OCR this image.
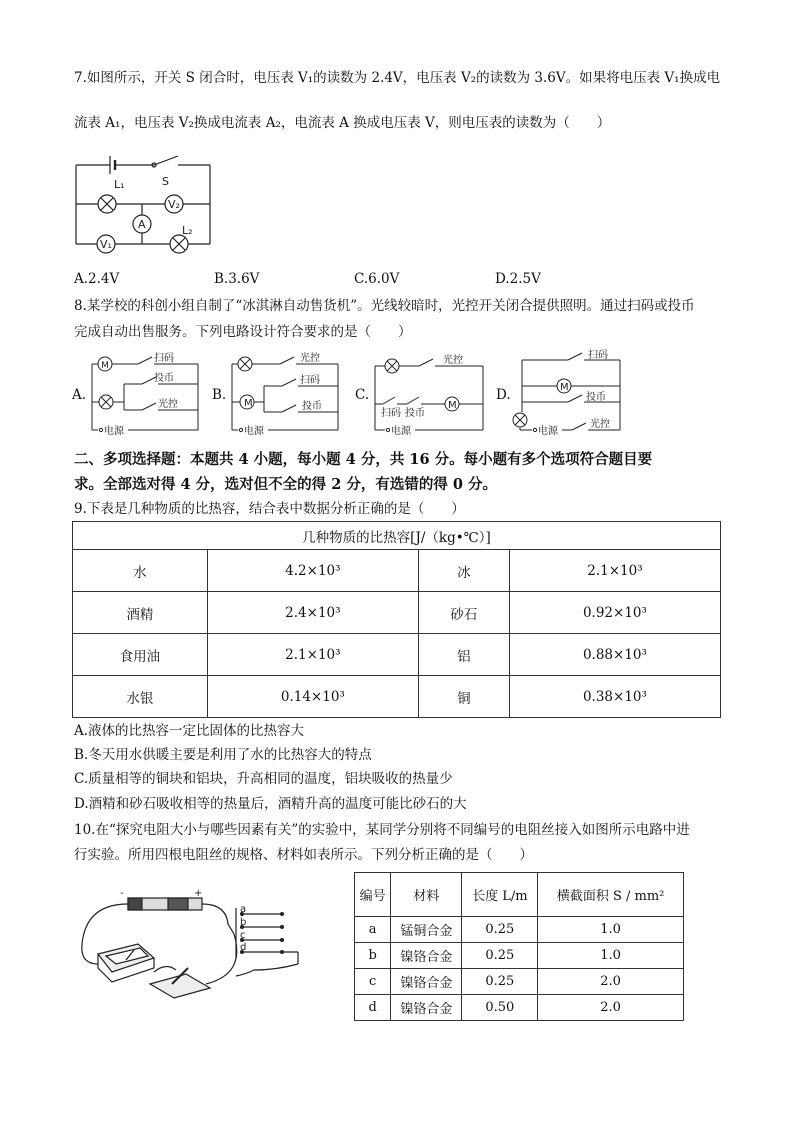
7.如图所示，开关 S 闭合时，电压表 V₁的读数为 2.4V，电压表 V₂的读数为 3.6V。如果将电压表 V₁换成电
流表 A₁，电压表 V₂换成电流表 A₂，电流表 A 换成电压表 V，则电压表的读数为（　　）
L₁	S
V₂
A
V₁
L₂
A.2.4V	B.3.6V	C.6.0V	D.2.5V
8.某学校的科创小组自制了“冰淇淋自动售货机”。光线较暗时，光控开关闭合提供照明。通过扫码或投币
完成自动出售服务。下列电路设计符合要求的是（　　）
A.
M
扫码
投币
光控
电源
B.
M
光控
扫码
投币
电源
C.
光控
扫码 投币
M
电源
D.
扫码
M
投币
电源
光控
二、多项选择题：本题共 4 小题，每小题 4 分，共 16 分。每小题有多个选项符合题目要
求。全部选对得 4 分，选对但不全的得 2 分，有选错的得 0 分。
9.下表是几种物质的比热容，结合表中数据分析正确的是（　　）
几种物质的比热容[J/（kg•℃）]			
水	4.2×10³	冰	2.1×10³
酒精	2.4×10³	砂石	0.92×10³
食用油	2.1×10³	铝	0.88×10³
水银	0.14×10³	铜	0.38×10³
A.液体的比热容一定比固体的比热容大
B.冬天用水供暖主要是利用了水的比热容大的特点
C.质量相等的铜块和铝块，升高相同的温度，铝块吸收的热量少
D.酒精和砂石吸收相等的热量后，酒精升高的温度可能比砂石的大
10.在“探究电阻大小与哪些因素有关”的实验中，某同学分别将不同编号的电阻丝接入如图所示电路中进
行实验。所用四根电阻丝的规格、材料如表所示。下列分析正确的是（　　）
-	+
a
b
c
d
编号	材料	长度 L/m	横截面积 S / mm²
a	锰铜合金	0.25	1.0
b	镍铬合金	0.25	1.0
c	镍铬合金	0.25	2.0
d	镍铬合金	0.50	2.0
